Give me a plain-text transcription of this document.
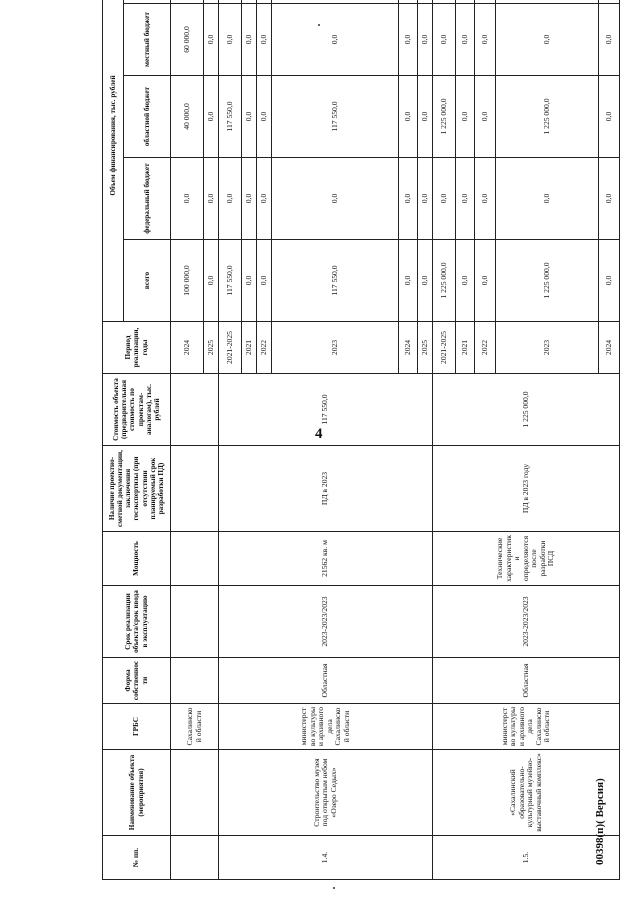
4
00398(п)( Версия)
№ пп.	Наименование объекта (мероприятия)	ГРБС	Форма собственности	Срок реализации объекта/срок ввода в эксплуатацию	Мощность	Наличие проектно-сметной документации, заключения госэкспертизы (при отсутствии планируемый срок разработки ПД)	Стоимость объекта (предварительная стоимость по проектам-аналогам), тыс. рублей	Период реализации, годы	Объем финансирования, тыс. рублей	
									всего	федеральный бюджет	областной бюджет	местный бюджет	
		Сахалинской области						2024	100 000,0	0,0	40 000,0	60 000,0		
								2025	0,0	0,0	0,0	0,0		
1.4.	Строительство музея под открытым небом «Озеро Седых»	министерство культуры и архивного дела Сахалинской области	Областная	2023-2023/2023	21562 кв. м	ПД в 2023	117 550,0	2021-2025	117 550,0	0,0	117 550,0	0,0		
								2021	0,0	0,0	0,0	0,0	
								2022	0,0	0,0	0,0	0,0	
								2023	117 550,0	0,0	117 550,0	0,0	
								2024	0,0	0,0	0,0	0,0	
								2025	0,0	0,0	0,0	0,0	
1.5.	«Сахалинский образовательно-культурный музейно-выставочный комплекс»	министерство культуры и архивного дела Сахалинской области	Областная	2023-2023/2023	Технические характеристики определяются после разработки ПСД	ПД в 2023 году	1 225 000,0	2021-2025	1 225 000,0	0,0	1 225 000,0	0,0		
								2021	0,0	0,0	0,0	0,0	
								2022	0,0	0,0	0,0	0,0	
								2023	1 225 000,0	0,0	1 225 000,0	0,0	
								2024	0,0	0,0	0,0	0,0	
